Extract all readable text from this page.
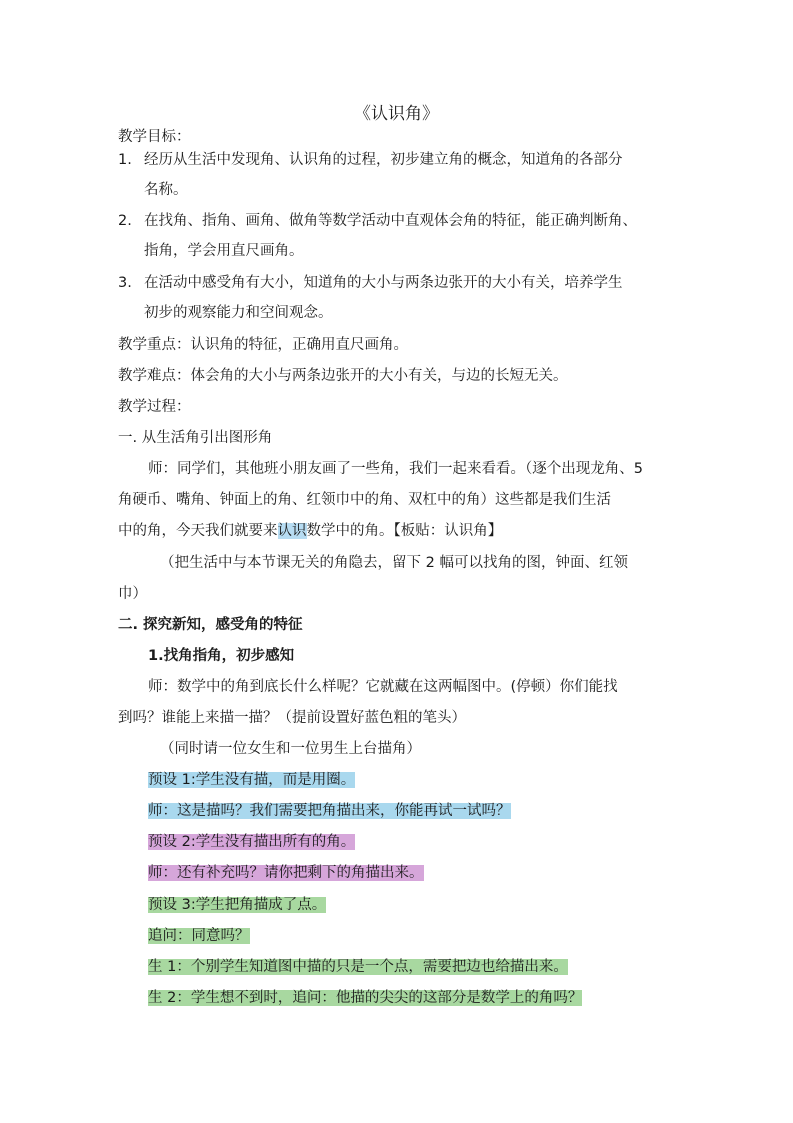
《认识角》
教学目标：
1. 经历从生活中发现角、认识角的过程，初步建立角的概念，知道角的各部分
名称。
2. 在找角、指角、画角、做角等数学活动中直观体会角的特征，能正确判断角、
指角，学会用直尺画角。
3. 在活动中感受角有大小，知道角的大小与两条边张开的大小有关，培养学生
初步的观察能力和空间观念。
教学重点：认识角的特征，正确用直尺画角。
教学难点：体会角的大小与两条边张开的大小有关，与边的长短无关。
教学过程：
一. 从生活角引出图形角
师：同学们，其他班小朋友画了一些角，我们一起来看看。（逐个出现龙角、5
角硬币、嘴角、钟面上的角、红领巾中的角、双杠中的角）这些都是我们生活
中的角，今天我们就要来认识数学中的角。【板贴：认识角】
（把生活中与本节课无关的角隐去，留下 2 幅可以找角的图，钟面、红领
巾）
二. 探究新知，感受角的特征
1.找角指角，初步感知
师：数学中的角到底长什么样呢？它就藏在这两幅图中。(停顿）你们能找
到吗？谁能上来描一描？（提前设置好蓝色粗的笔头）
（同时请一位女生和一位男生上台描角）
预设 1:学生没有描，而是用圈。
师：这是描吗？我们需要把角描出来，你能再试一试吗？
预设 2:学生没有描出所有的角。
师：还有补充吗？请你把剩下的角描出来。
预设 3:学生把角描成了点。
追问：同意吗？
生 1：个别学生知道图中描的只是一个点，需要把边也给描出来。
生 2：学生想不到时，追问：他描的尖尖的这部分是数学上的角吗？
